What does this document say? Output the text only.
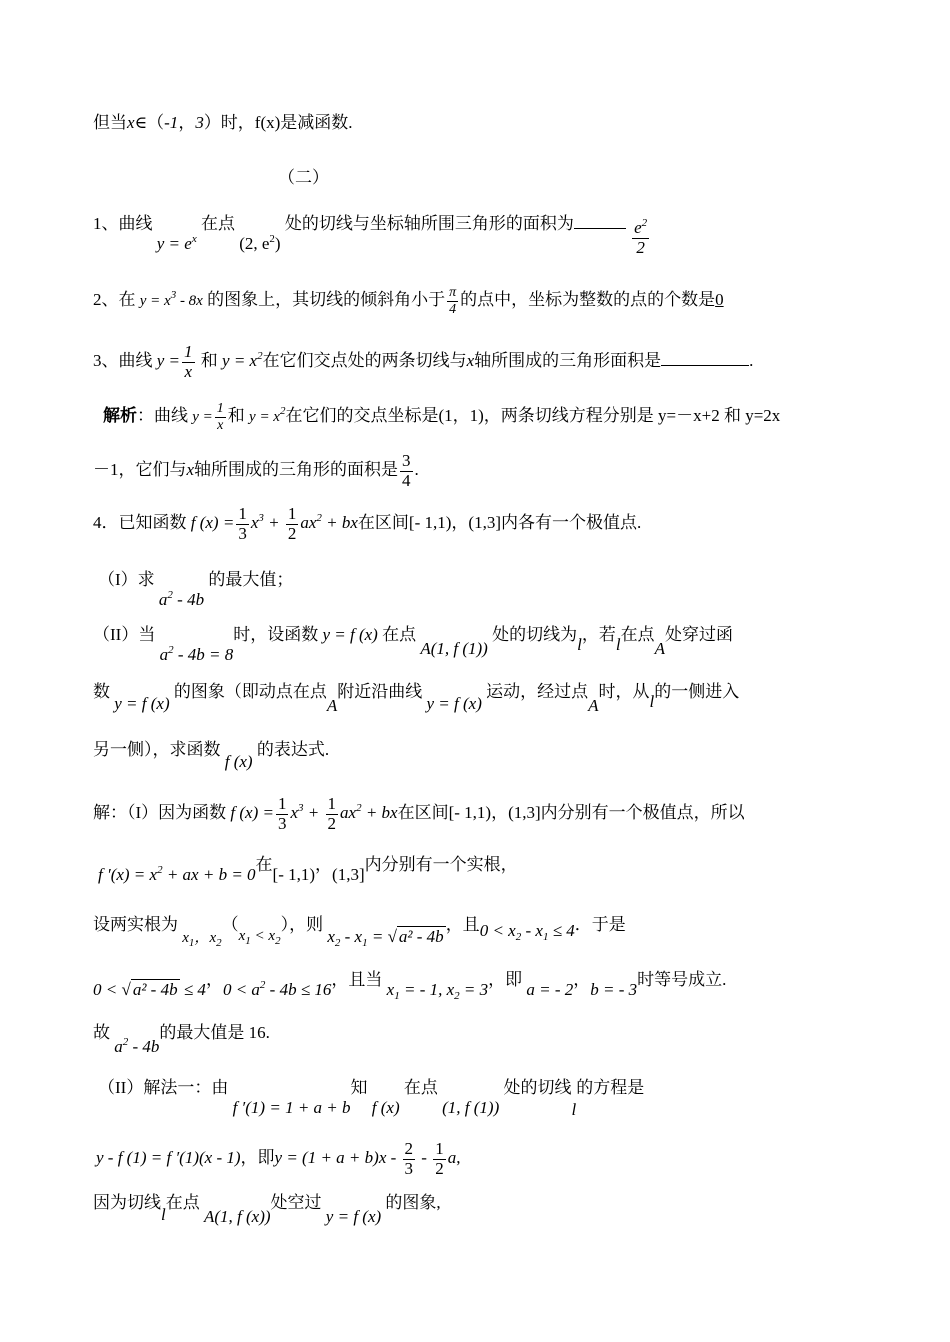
但当x∈（-1，3）时，f(x)是减函数.
（二）
1、曲线 $y = e^x$ 在点 (2, $e^2$) 处的切线与坐标轴所围三角形的面积为	$\frac{e^2}{2}$
2、在 $y = x^3 - 8x$ 的图象上，其切线的倾斜角小于 $\frac{\pi}{4}$ 的点中，坐标为整数的点的个数是0
3、曲线 $y = \frac{1}{x}$ 和 $y = x^2$在它们交点处的两条切线与x轴所围成的三角形面积是	.
解析：曲线 $y = \frac{1}{x}$ 和 $y = x^2$在它们的交点坐标是(1，1)，两条切线方程分别是 y=－x+2 和 y=2x
－1，它们与x轴所围成的三角形的面积是 $\frac{3}{4}$ .
4．已知函数 f $(x) = \frac{1}{3} x^3 + \frac{1}{2} ax^2$ + bx在区间[- 1,1)，(1,3]内各有一个极值点.
（I）求 $a^2 - 4b$ 的最大值；
（II）当 $a^2 - 4b = 8$时，设函数 y = f (x) 在点 A(1, f (1)) 处的切线为l，若l在点A处穿过函
数 y = f (x) 的图象（即动点在点A附近沿曲线 y = f (x) 运动，经过点A时，从l的一侧进入
另一侧），求函数 f (x) 的表达式.
解：（I）因为函数 f $(x) = \frac{1}{3} x^3 + \frac{1}{2} ax^2$ + bx在区间[- 1,1)，(1,3]内分别有一个极值点，所以
f $'(x) = x^2$ + ax + b = 0在[- 1,1)，(1,3]内分别有一个实根，
设两实根为 $x_1$，$x_2(x_1 < x_2)$，则 $x_2 - x_1$ = √ a² - 4b，且$0 < x_2 - x_1 \le 4$．于是
0 < √ a² - 4b ≤ 4，$0 < a^2 - 4b \le 16$，且当 $x_1$ = - 1, $x_2 = 3$，即 a = - 2，b = - 3时等号成立.
故 $a^2 - 4b$的最大值是 16.
（II）解法一：由 f ′(1) = 1 + a + b知 f (x) 在点 (1, f (1)) 处的切线l的方程是
y - f (1) = f ′(1)(x - 1)，即$y = (1 + a + b)x - \frac{2}{3} - \frac{1}{2} a$,
因为切线l在点 A(1, f (x))处空过 y = f (x) 的图象,
